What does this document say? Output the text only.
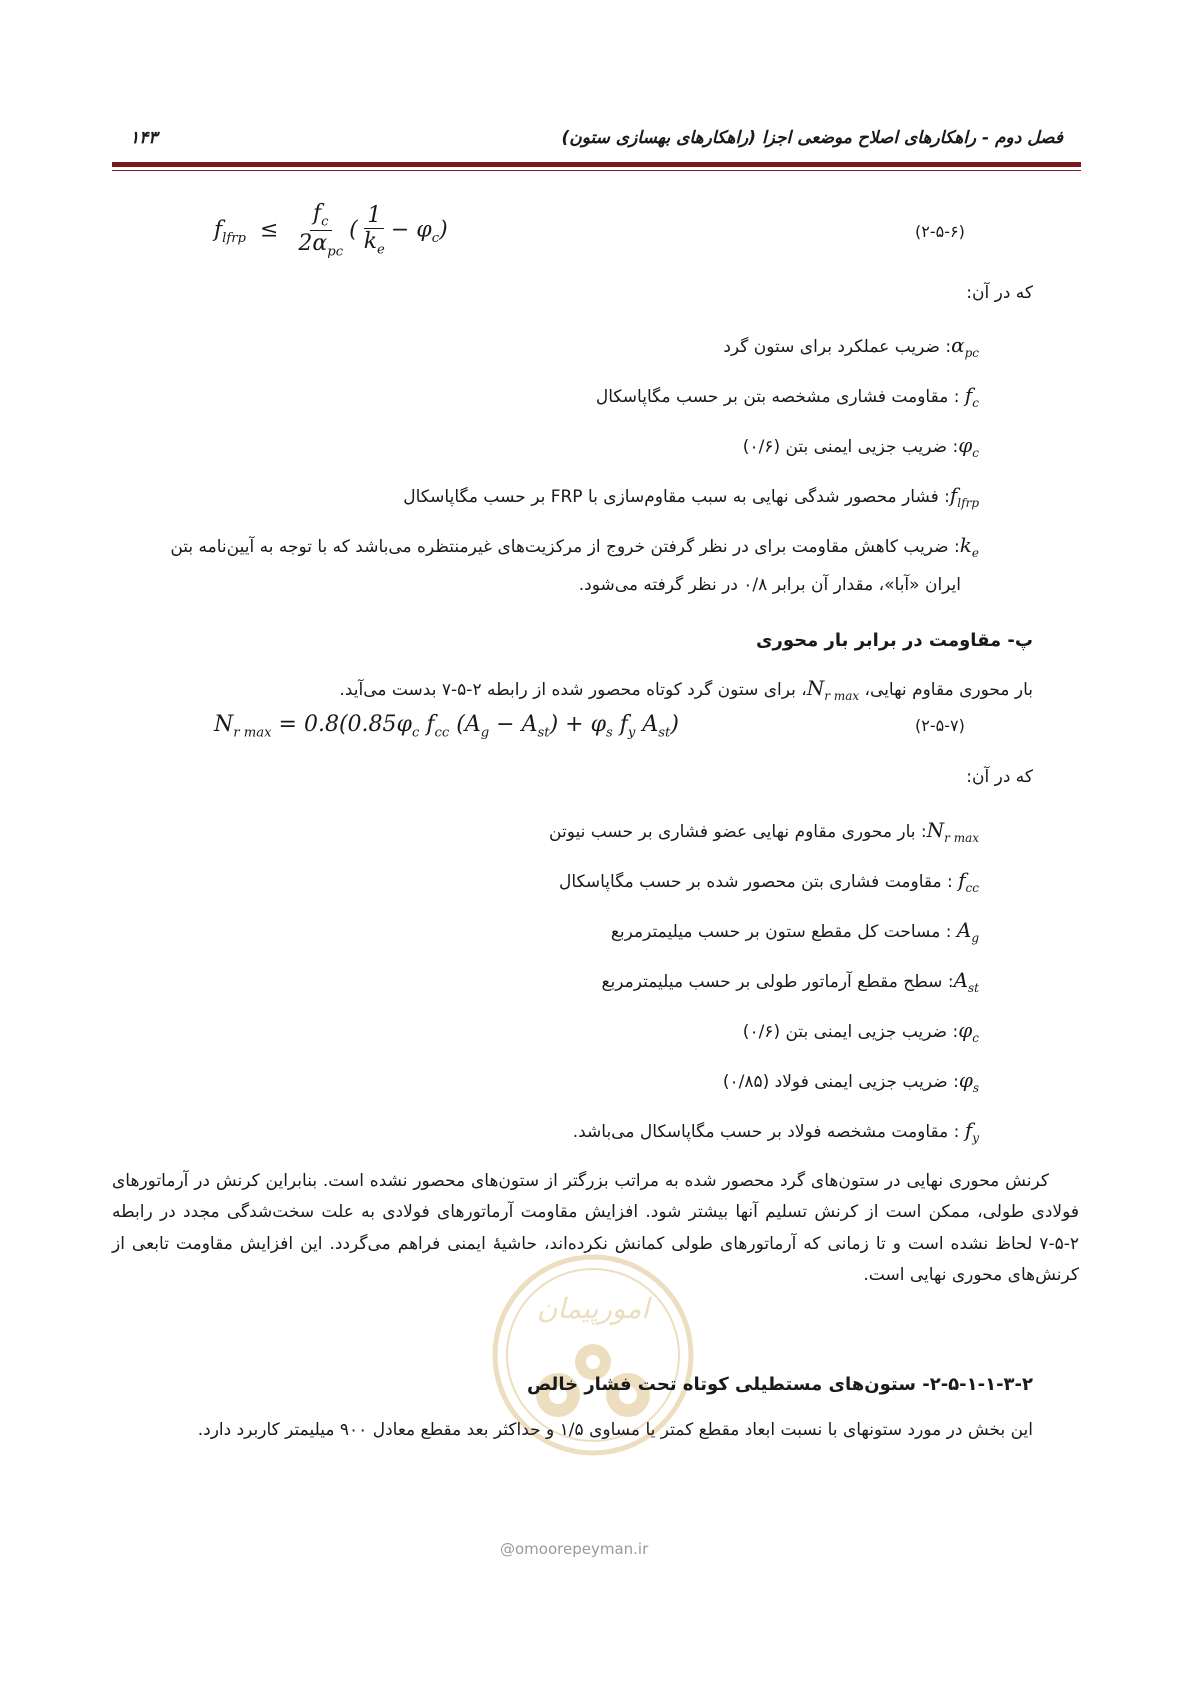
۱۴۳	فصل دوم - راهکارهای اصلاح موضعی اجزا (راهکارهای بهسازی ستون)
$f_{lfrp} \le \frac{f_c}{2\alpha_{pc}}$ ( $\frac{1}{k_e} - \varphi_c$)	(۲-۵-۶)
که در آن:
$\alpha_{pc}$: ضریب عملکرد برای ستون گرد
$f_c$ : مقاومت فشاری مشخصه بتن بر حسب مگاپاسکال
$\varphi_c$: ضریب جزیی ایمنی بتن (۰/۶)
$f_{lfrp}$: فشار محصور شدگی نهایی به سبب مقاوم‌سازی با FRP بر حسب مگاپاسکال
$k_e$: ضریب کاهش مقاومت برای در نظر گرفتن خروج از مرکزیت‌های غیرمنتظره می‌باشد که با توجه به آیین‌نامه بتن
ایران «آبا»، مقدار آن برابر ۰/۸ در نظر گرفته می‌شود.
پ- مقاومت در برابر بار محوری
بار محوری مقاوم نهایی، $N_{r max}،$ برای ستون گرد کوتاه محصور شده از رابطه ۲-۵-۷ بدست می‌آید.
$N_{r max} = 0.8(0.85\varphi_c$ $f_{cc}$ $(A_g - A_{st}) + \varphi_s$ $f_y$ $A_{st}$)	(۲-۵-۷)
که در آن:
$N_{r max}$: بار محوری مقاوم نهایی عضو فشاری بر حسب نیوتن
$f_{cc}$ : مقاومت فشاری بتن محصور شده بر حسب مگاپاسکال
$A_g$ : مساحت کل مقطع ستون بر حسب میلیمترمربع
$A_{st}$: سطح مقطع آرماتور طولی بر حسب میلیمترمربع
$\varphi_c$: ضریب جزیی ایمنی بتن (۰/۶)
$\varphi_s$: ضریب جزیی ایمنی فولاد (۰/۸۵)
$f_y$ : مقاومت مشخصه فولاد بر حسب مگاپاسکال می‌باشد.
کرنش محوری نهایی در ستون‌های گرد محصور شده به مراتب بزرگتر از ستون‌های محصور نشده است. بنابراین کرنش در آرماتورهای فولادی طولی، ممکن است از کرنش تسلیم آنها بیشتر شود. افزایش مقاومت آرماتورهای فولادی به علت سخت‌شدگی مجدد در رابطه ۲-۵-۷ لحاظ نشده است و تا زمانی که آرماتورهای طولی کمانش نکرده‌اند، حاشیهٔ ایمنی فراهم می‌گردد. این افزایش مقاومت تابعی از کرنش‌های محوری نهایی است.
امورپیمان
۲-۵-۱-۱-۳-۲- ستون‌های مستطیلی کوتاه تحت فشار خالص
این بخش در مورد ستونهای با نسبت ابعاد مقطع کمتر یا مساوی ۱/۵ و حداکثر بعد مقطع معادل ۹۰۰ میلیمتر کاربرد دارد.
@omoorepeyman.ir
